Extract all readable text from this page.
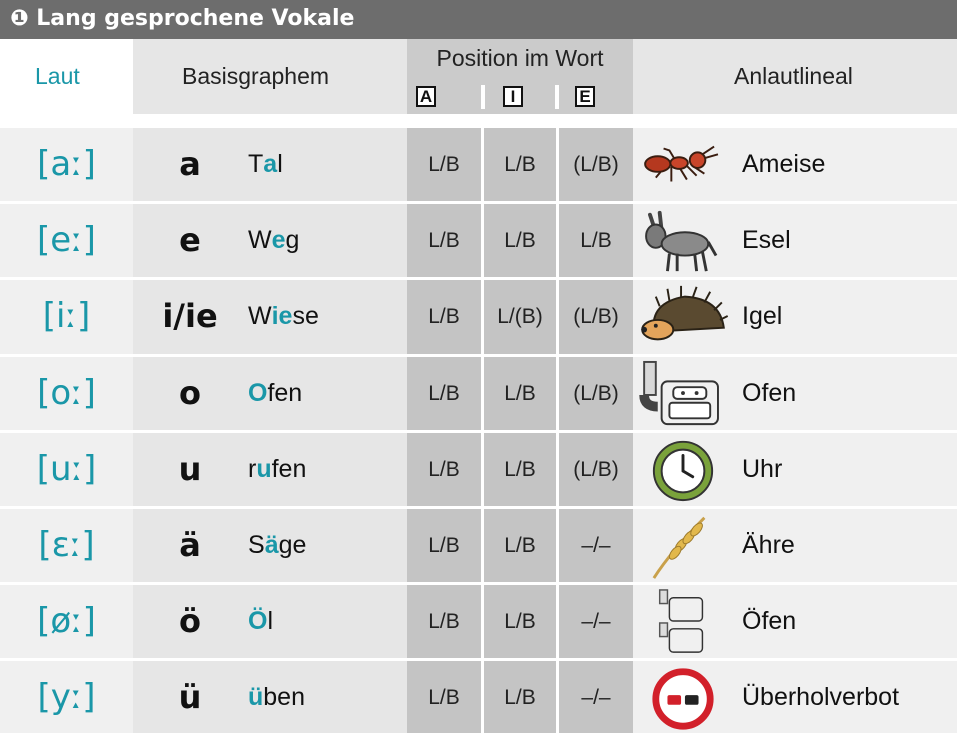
❶ Lang gesprochene Vokale
Laut	Basisgraphem
Position im Wort
A	I	E
Anlautlineal
[aː]	a	Tal	L/B	L/B	(L/B)	Ameise
[eː]	e	Weg	L/B	L/B	L/B	Esel
[iː]	i/ie	Wiese	L/B	L/(B)	(L/B)	Igel
[oː]	o	Ofen	L/B	L/B	(L/B)	Ofen
[uː]	u	rufen	L/B	L/B	(L/B)	Uhr
[ɛː]	ä	Säge	L/B	L/B	–/–	Ähre
[øː]	ö	Öl	L/B	L/B	–/–	Öfen
[yː]	ü	üben	L/B	L/B	–/–	Überholverbot
